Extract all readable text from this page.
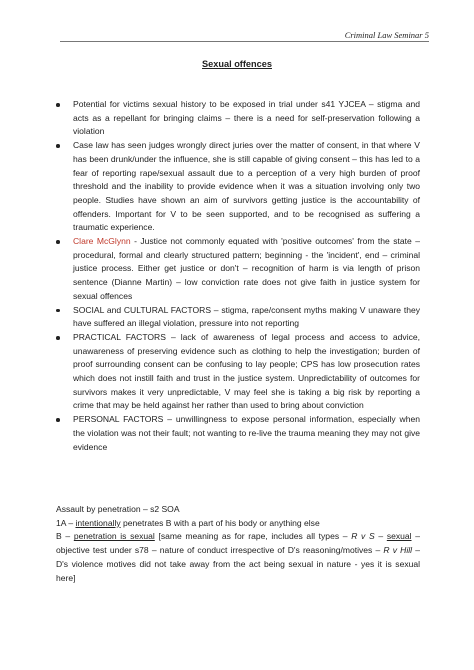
Criminal Law Seminar 5
Sexual offences
Potential for victims sexual history to be exposed in trial under s41 YJCEA – stigma and acts as a repellant for bringing claims – there is a need for self-preservation following a violation
Case law has seen judges wrongly direct juries over the matter of consent, in that where V has been drunk/under the influence, she is still capable of giving consent – this has led to a fear of reporting rape/sexual assault due to a perception of a very high burden of proof threshold and the inability to provide evidence when it was a situation involving only two people. Studies have shown an aim of survivors getting justice is the accountability of offenders. Important for V to be seen supported, and to be recognised as suffering a traumatic experience.
Clare McGlynn - Justice not commonly equated with 'positive outcomes' from the state – procedural, formal and clearly structured pattern; beginning - the 'incident', end – criminal justice process. Either get justice or don't – recognition of harm is via length of prison sentence (Dianne Martin) – low conviction rate does not give faith in justice system for sexual offences
SOCIAL and CULTURAL FACTORS – stigma, rape/consent myths making V unaware they have suffered an illegal violation, pressure into not reporting
PRACTICAL FACTORS – lack of awareness of legal process and access to advice, unawareness of preserving evidence such as clothing to help the investigation; burden of proof surrounding consent can be confusing to lay people; CPS has low prosecution rates which does not instill faith and trust in the justice system. Unpredictability of outcomes for survivors makes it very unpredictable, V may feel she is taking a big risk by reporting a crime that may be held against her rather than used to bring about conviction
PERSONAL FACTORS – unwillingness to expose personal information, especially when the violation was not their fault; not wanting to re-live the trauma meaning they may not give evidence

Assault by penetration – s2 SOA

1A – intentionally penetrates B with a part of his body or anything else

B – penetration is sexual [same meaning as for rape, includes all types – R v S – sexual – objective test under s78 – nature of conduct irrespective of D's reasoning/motives – R v Hill – D's violence motives did not take away from the act being sexual in nature - yes it is sexual here]
